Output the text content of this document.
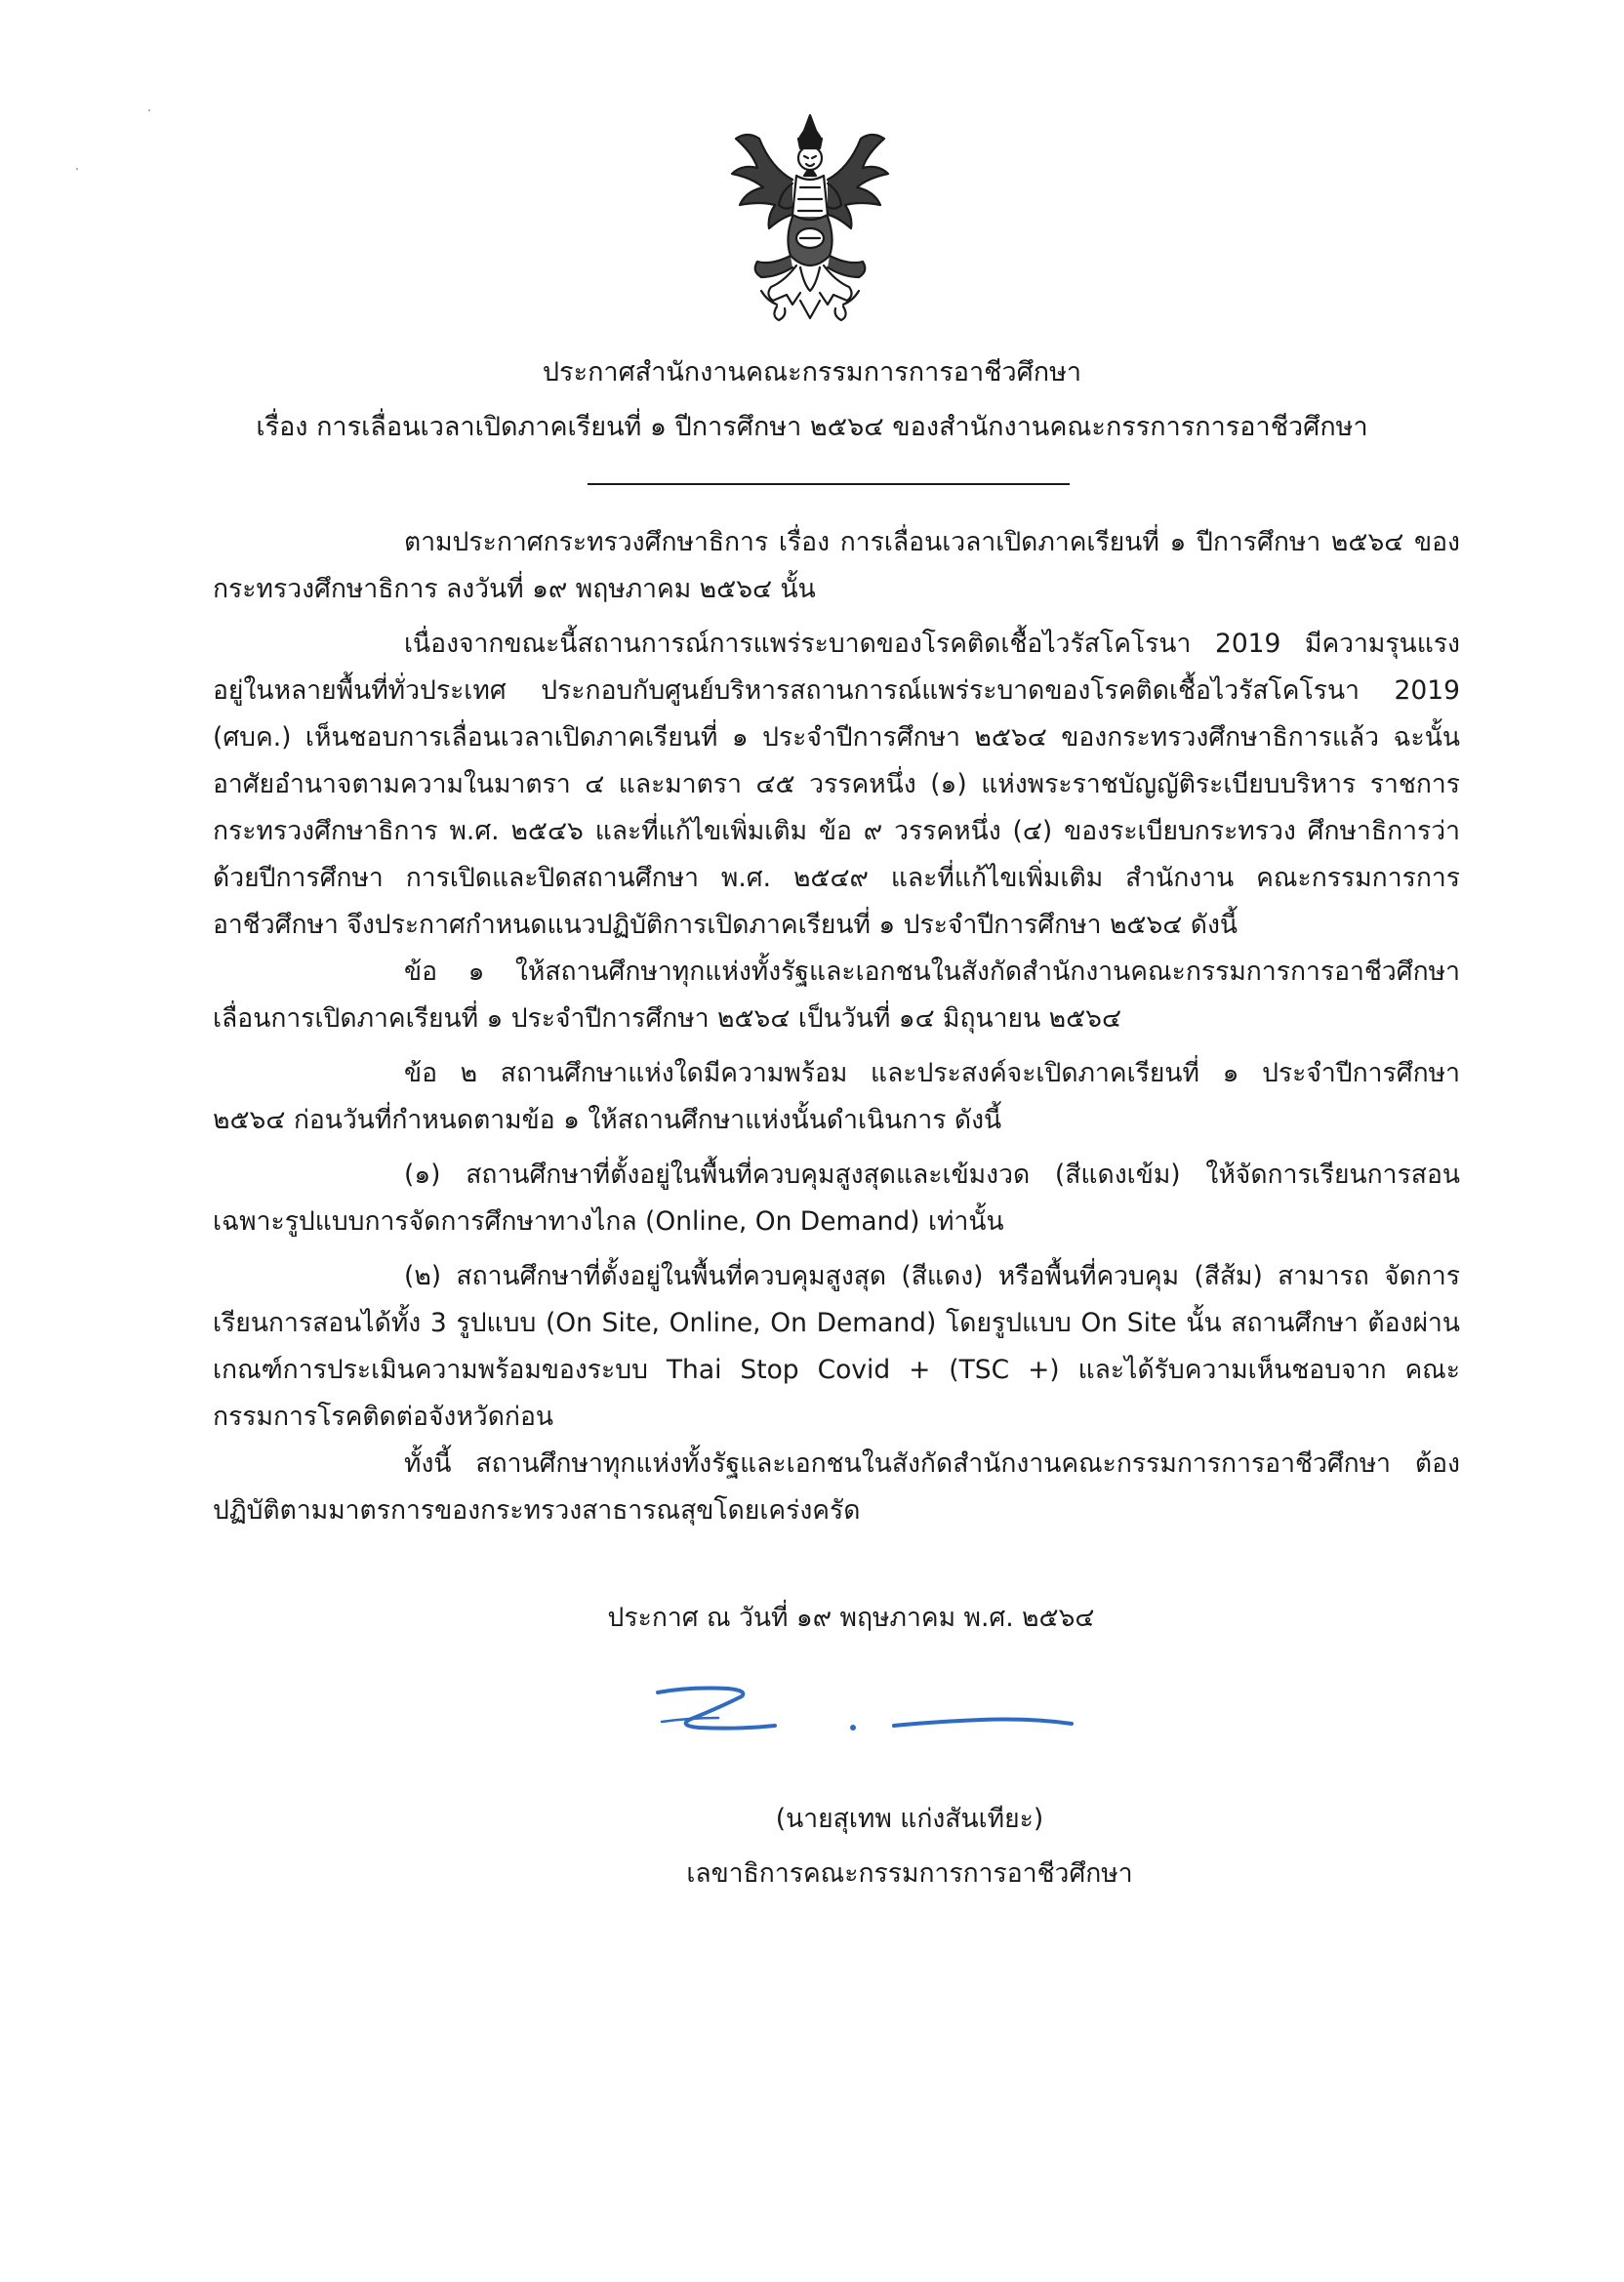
ประกาศสำนักงานคณะกรรมการการอาชีวศึกษา
เรื่อง การเลื่อนเวลาเปิดภาคเรียนที่ ๑ ปีการศึกษา ๒๕๖๔ ของสำนักงานคณะกรรการการอาชีวศึกษา

ตามประกาศกระทรวงศึกษาธิการ เรื่อง การเลื่อนเวลาเปิดภาคเรียนที่ ๑ ปีการศึกษา ๒๕๖๔ ของกระทรวงศึกษาธิการ ลงวันที่ ๑๙ พฤษภาคม ๒๕๖๔ นั้น

เนื่องจากขณะนี้สถานการณ์การแพร่ระบาดของโรคติดเชื้อไวรัสโคโรนา 2019 มีความรุนแรง อยู่ในหลายพื้นที่ทั่วประเทศ ประกอบกับศูนย์บริหารสถานการณ์แพร่ระบาดของโรคติดเชื้อไวรัสโคโรนา 2019 (ศบค.) เห็นชอบการเลื่อนเวลาเปิดภาคเรียนที่ ๑ ประจำปีการศึกษา ๒๕๖๔ ของกระทรวงศึกษาธิการแล้ว ฉะนั้น อาศัยอำนาจตามความในมาตรา ๔ และมาตรา ๔๕ วรรคหนึ่ง (๑) แห่งพระราชบัญญัติระเบียบบริหาร ราชการกระทรวงศึกษาธิการ พ.ศ. ๒๕๔๖ และที่แก้ไขเพิ่มเติม ข้อ ๙ วรรคหนึ่ง (๔) ของระเบียบกระทรวง ศึกษาธิการว่าด้วยปีการศึกษา การเปิดและปิดสถานศึกษา พ.ศ. ๒๕๔๙ และที่แก้ไขเพิ่มเติม สำนักงาน คณะกรรมการการอาชีวศึกษา จึงประกาศกำหนดแนวปฏิบัติการเปิดภาคเรียนที่ ๑ ประจำปีการศึกษา ๒๕๖๔ ดังนี้

ข้อ ๑ ให้สถานศึกษาทุกแห่งทั้งรัฐและเอกชนในสังกัดสำนักงานคณะกรรมการการอาชีวศึกษา เลื่อนการเปิดภาคเรียนที่ ๑ ประจำปีการศึกษา ๒๕๖๔ เป็นวันที่ ๑๔ มิถุนายน ๒๕๖๔

ข้อ ๒ สถานศึกษาแห่งใดมีความพร้อม และประสงค์จะเปิดภาคเรียนที่ ๑ ประจำปีการศึกษา ๒๕๖๔ ก่อนวันที่กำหนดตามข้อ ๑ ให้สถานศึกษาแห่งนั้นดำเนินการ ดังนี้

(๑) สถานศึกษาที่ตั้งอยู่ในพื้นที่ควบคุมสูงสุดและเข้มงวด (สีแดงเข้ม) ให้จัดการเรียนการสอน เฉพาะรูปแบบการจัดการศึกษาทางไกล (Online, On Demand) เท่านั้น

(๒) สถานศึกษาที่ตั้งอยู่ในพื้นที่ควบคุมสูงสุด (สีแดง) หรือพื้นที่ควบคุม (สีส้ม) สามารถ จัดการเรียนการสอนได้ทั้ง 3 รูปแบบ (On Site, Online, On Demand) โดยรูปแบบ On Site นั้น สถานศึกษา ต้องผ่านเกณฑ์การประเมินความพร้อมของระบบ Thai Stop Covid + (TSC +) และได้รับความเห็นชอบจาก คณะกรรมการโรคติดต่อจังหวัดก่อน

ทั้งนี้ สถานศึกษาทุกแห่งทั้งรัฐและเอกชนในสังกัดสำนักงานคณะกรรมการการอาชีวศึกษา ต้องปฏิบัติตามมาตรการของกระทรวงสาธารณสุขโดยเคร่งครัด

ประกาศ ณ วันที่ ๑๙ พฤษภาคม พ.ศ. ๒๕๖๔
(นายสุเทพ แก่งสันเทียะ)
เลขาธิการคณะกรรมการการอาชีวศึกษา
